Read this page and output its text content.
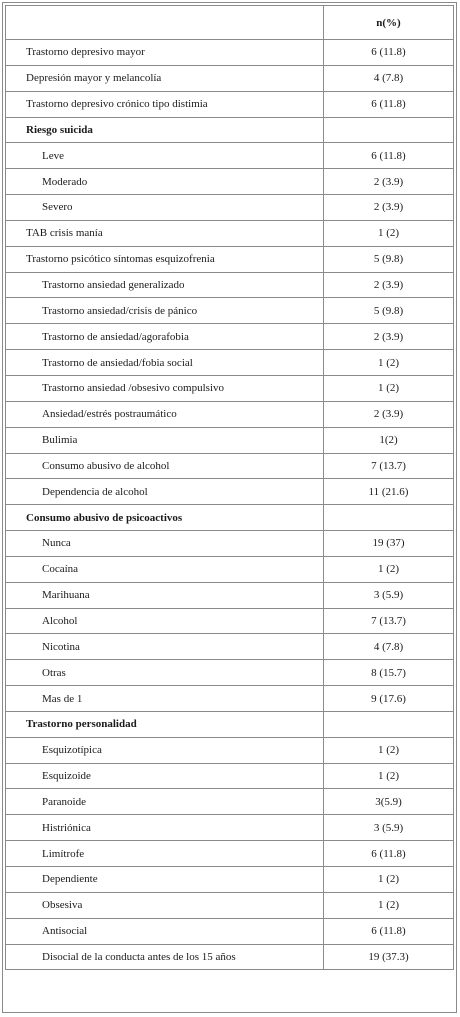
	n(%)
Trastorno depresivo mayor	6 (11.8)
Depresión mayor y melancolía	4 (7.8)
Trastorno depresivo crónico tipo distimia	6 (11.8)
Riesgo suicida	
Leve	6 (11.8)
Moderado	2 (3.9)
Severo	2 (3.9)
TAB crisis manía	1 (2)
Trastorno psicótico síntomas esquizofrenia	5 (9.8)
Trastorno ansiedad generalizado	2 (3.9)
Trastorno ansiedad/crisis de pánico	5 (9.8)
Trastorno de ansiedad/agorafobia	2 (3.9)
Trastorno de ansiedad/fobia social	1 (2)
Trastorno ansiedad /obsesivo compulsivo	1 (2)
Ansiedad/estrés postraumático	2 (3.9)
Bulimia	1(2)
Consumo abusivo de alcohol	7 (13.7)
Dependencia de alcohol	11 (21.6)
Consumo abusivo de psicoactivos	
Nunca	19 (37)
Cocaína	1 (2)
Marihuana	3 (5.9)
Alcohol	7 (13.7)
Nicotina	4 (7.8)
Otras	8 (15.7)
Mas de 1	9 (17.6)
Trastorno personalidad	
Esquizotípica	1 (2)
Esquizoide	1 (2)
Paranoide	3(5.9)
Histriónica	3 (5.9)
Limítrofe	6 (11.8)
Dependiente	1 (2)
Obsesiva	1 (2)
Antisocial	6 (11.8)
Disocial de la conducta antes de los 15 años	19 (37.3)
